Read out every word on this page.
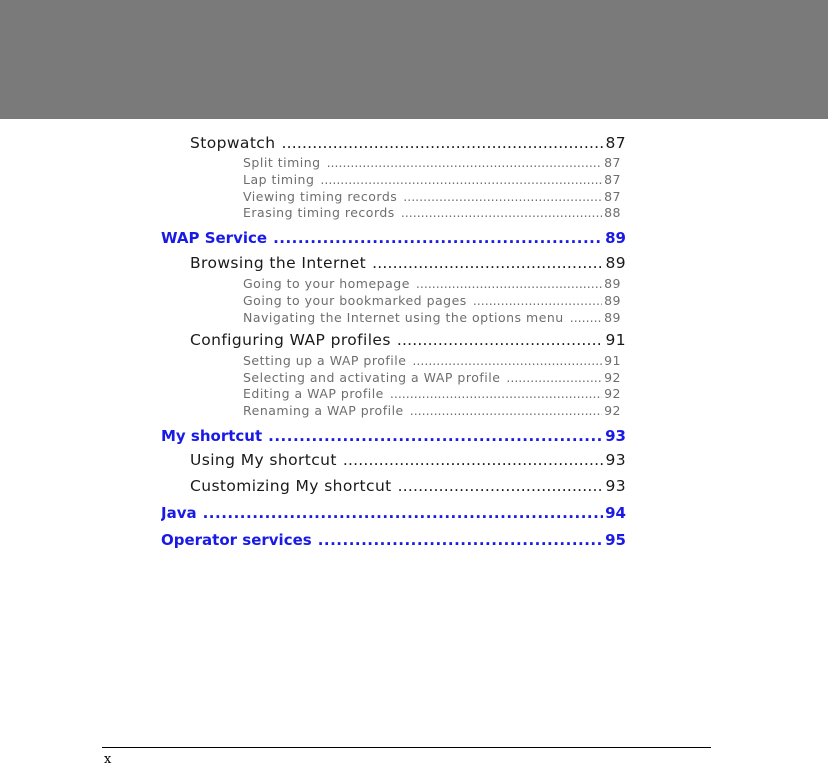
Stopwatch .....	87
Split timing .....	87
Lap timing .....	87
Viewing timing records .....	87
Erasing timing records .....	88
WAP Service .....	89
Browsing the Internet .....	89
Going to your homepage .....	89
Going to your bookmarked pages .....	89
Navigating the Internet using the options menu .....	89
Configuring WAP profiles .....	91
Setting up a WAP profile .....	91
Selecting and activating a WAP profile .....	92
Editing a WAP profile .....	92
Renaming a WAP profile .....	92
My shortcut .....	93
Using My shortcut .....	93
Customizing My shortcut .....	93
Java .....	94
Operator services .....	95
x
